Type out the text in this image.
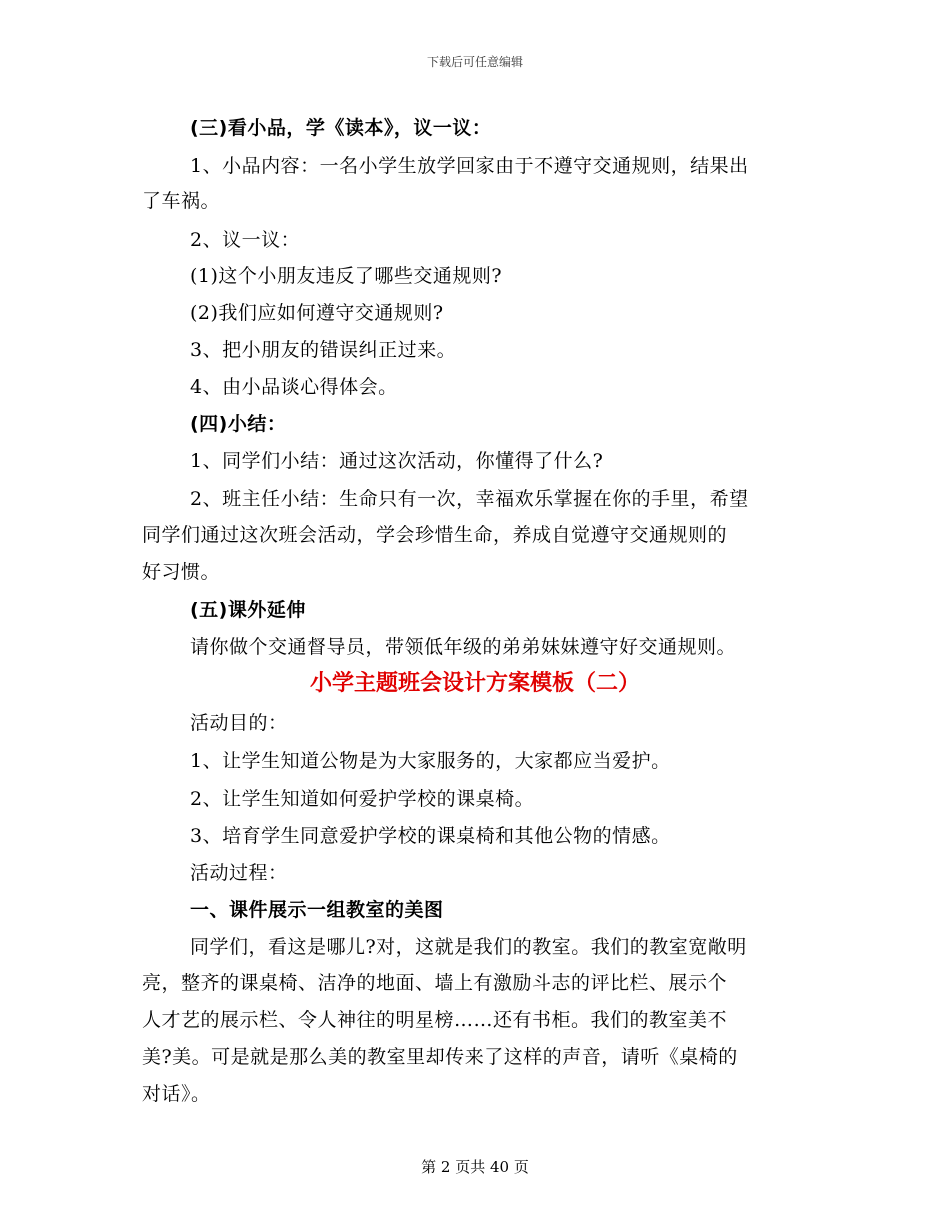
下载后可任意编辑
(三)看小品，学《读本》，议一议：
1、小品内容：一名小学生放学回家由于不遵守交通规则，结果出
了车祸。
2、议一议：
(1)这个小朋友违反了哪些交通规则?
(2)我们应如何遵守交通规则?
3、把小朋友的错误纠正过来。
4、由小品谈心得体会。
(四)小结：
1、同学们小结：通过这次活动，你懂得了什么?
2、班主任小结：生命只有一次，幸福欢乐掌握在你的手里，希望
同学们通过这次班会活动，学会珍惜生命，养成自觉遵守交通规则的
好习惯。
(五)课外延伸
请你做个交通督导员，带领低年级的弟弟妹妹遵守好交通规则。
小学主题班会设计方案模板（二）
活动目的：
1、让学生知道公物是为大家服务的，大家都应当爱护。
2、让学生知道如何爱护学校的课桌椅。
3、培育学生同意爱护学校的课桌椅和其他公物的情感。
活动过程：
一、课件展示一组教室的美图
同学们，看这是哪儿?对，这就是我们的教室。我们的教室宽敞明
亮，整齐的课桌椅、洁净的地面、墙上有激励斗志的评比栏、展示个
人才艺的展示栏、令人神往的明星榜……还有书柜。我们的教室美不
美?美。可是就是那么美的教室里却传来了这样的声音，请听《桌椅的
对话》。
第 2 页共 40 页
